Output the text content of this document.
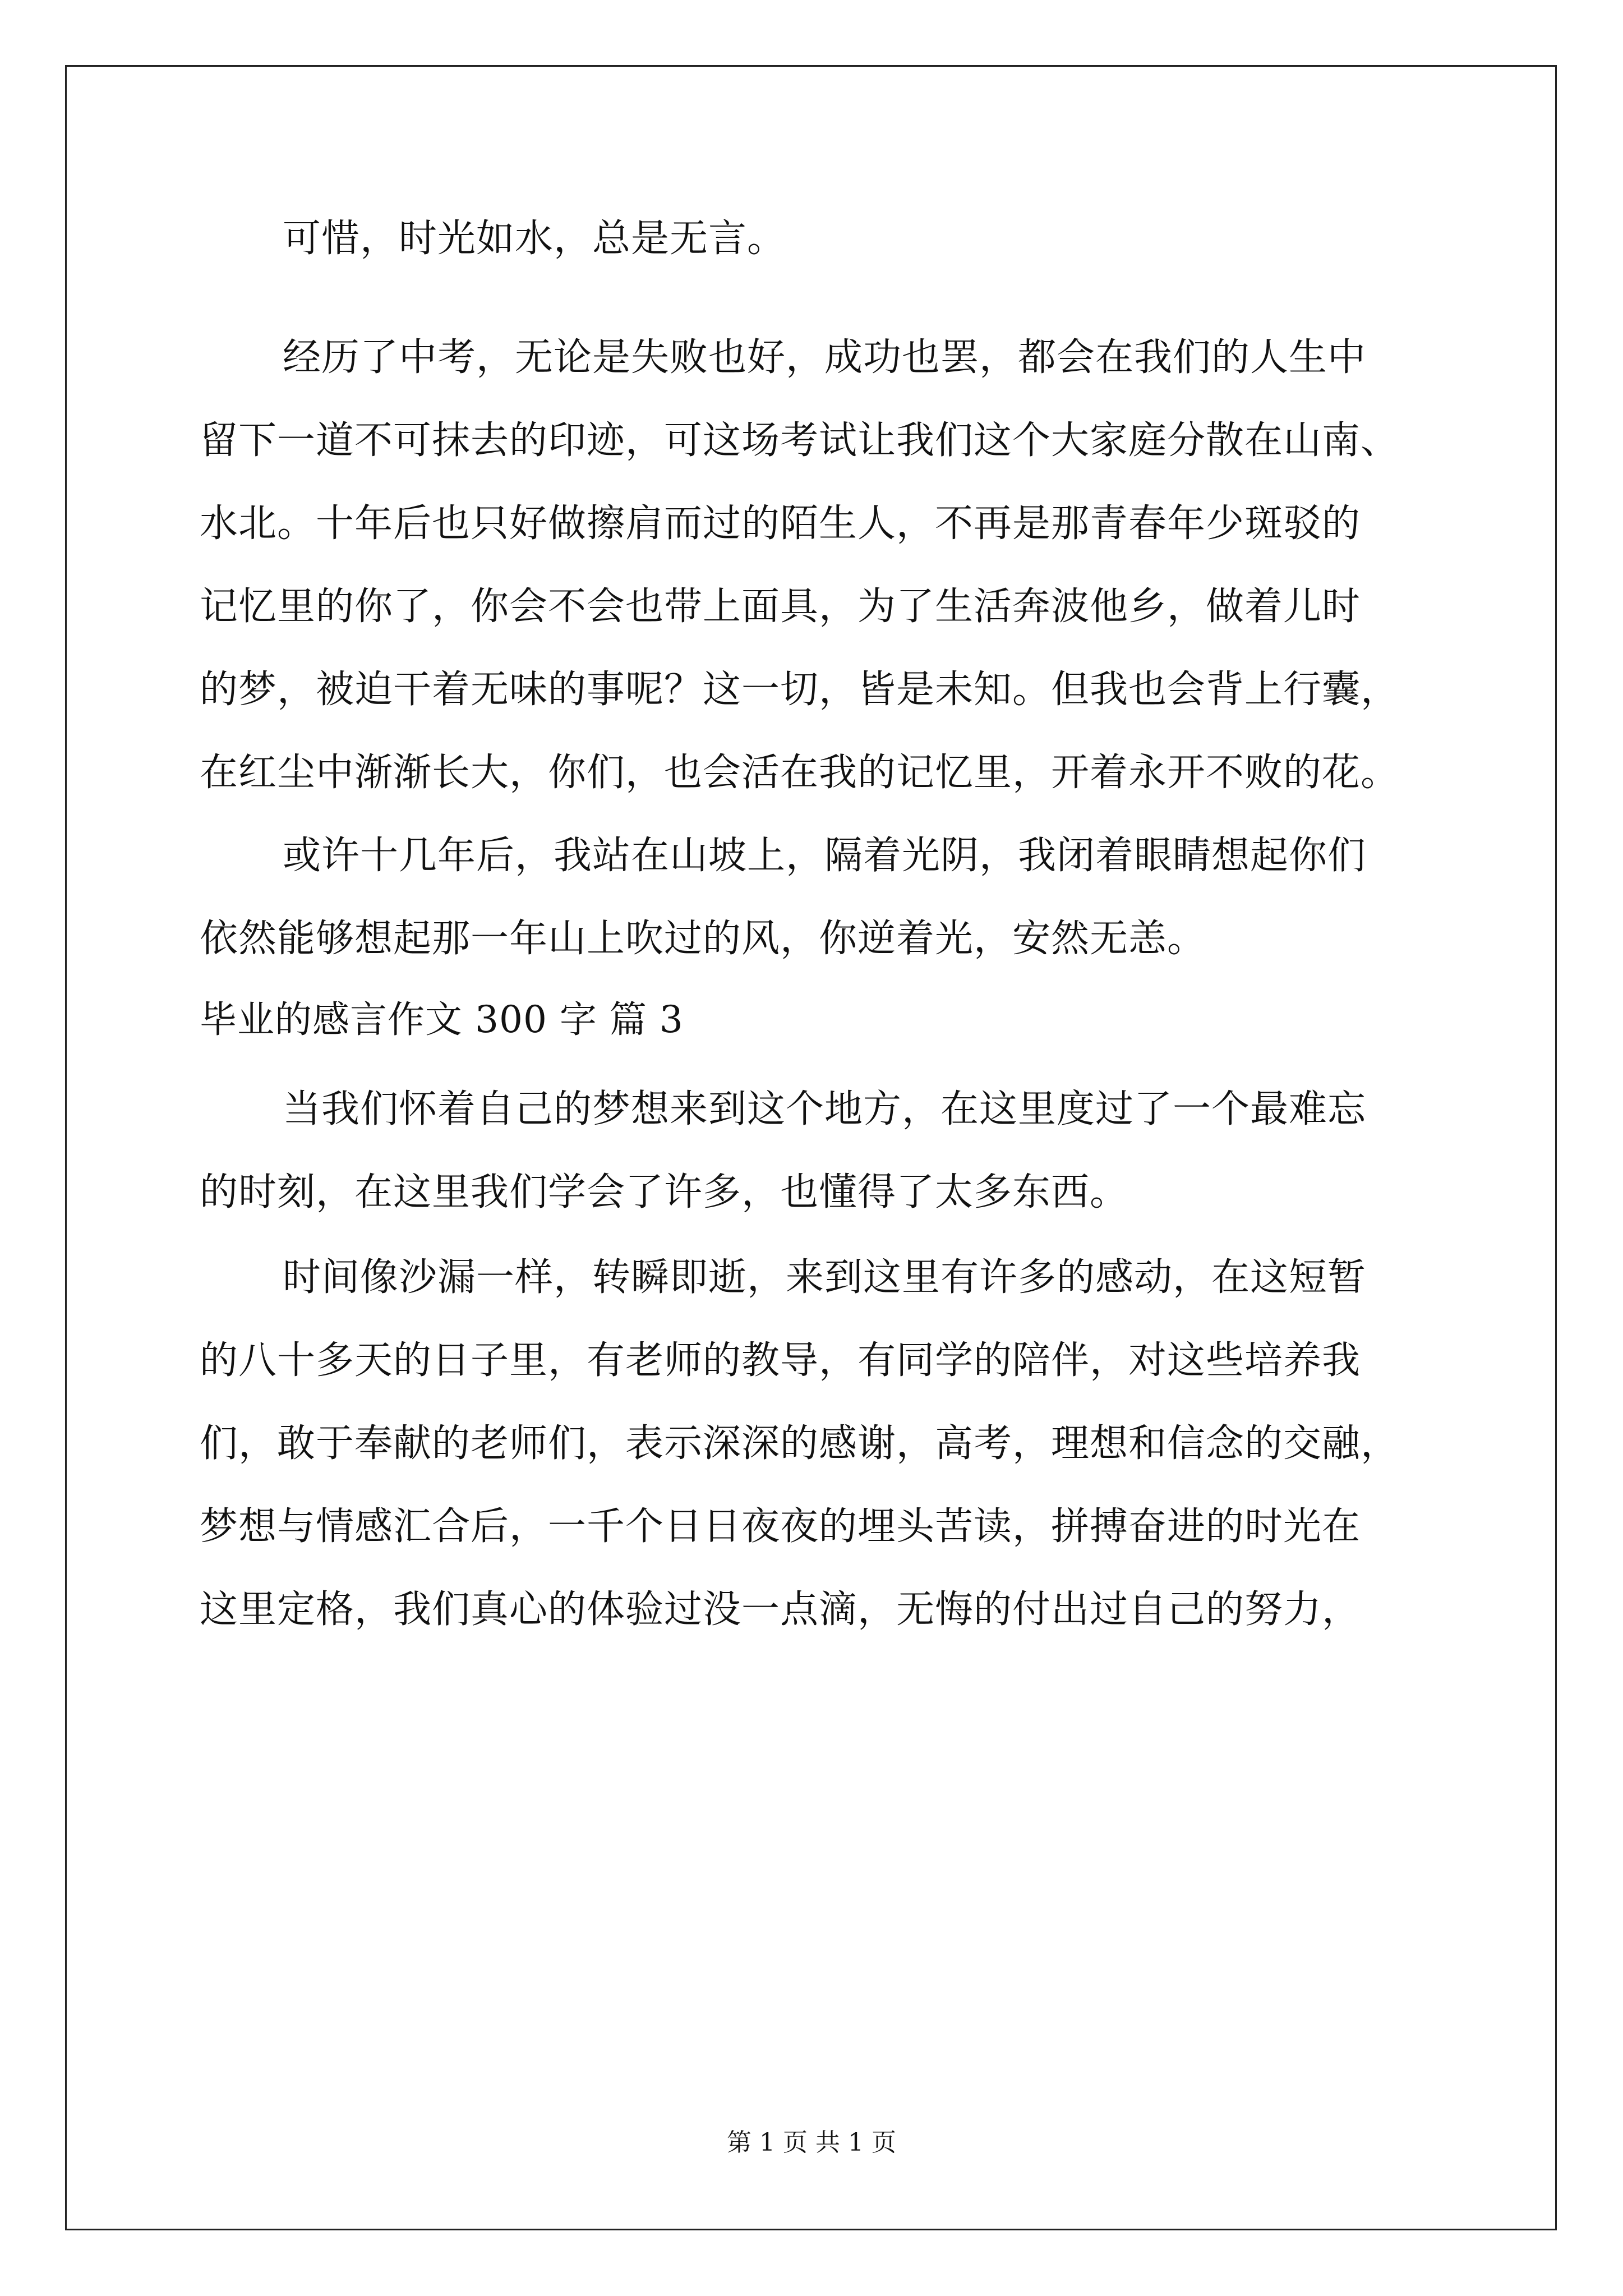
可惜，时光如水，总是无言。
经历了中考，无论是失败也好，成功也罢，都会在我们的人生中
留下一道不可抹去的印迹，可这场考试让我们这个大家庭分散在山南、
水北。十年后也只好做擦肩而过的陌生人，不再是那青春年少斑驳的
记忆里的你了，你会不会也带上面具，为了生活奔波他乡，做着儿时
的梦，被迫干着无味的事呢？这一切，皆是未知。但我也会背上行囊，
在红尘中渐渐长大，你们，也会活在我的记忆里，开着永开不败的花。
或许十几年后，我站在山坡上，隔着光阴，我闭着眼睛想起你们
依然能够想起那一年山上吹过的风，你逆着光，安然无恙。
毕业的感言作文 300 字 篇 3
当我们怀着自己的梦想来到这个地方，在这里度过了一个最难忘
的时刻，在这里我们学会了许多，也懂得了太多东西。
时间像沙漏一样，转瞬即逝，来到这里有许多的感动，在这短暂
的八十多天的日子里，有老师的教导，有同学的陪伴，对这些培养我
们，敢于奉献的老师们，表示深深的感谢，高考，理想和信念的交融，
梦想与情感汇合后，一千个日日夜夜的埋头苦读，拼搏奋进的时光在
这里定格，我们真心的体验过没一点滴，无悔的付出过自己的努力，
第 1 页 共 1 页
